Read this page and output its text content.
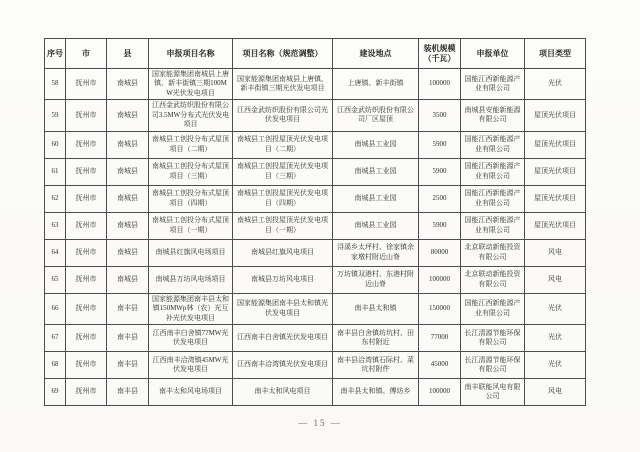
序号	市	县	申报项目名称	项目名称（规范调整）	建设地点	装机规模（千瓦）	申报单位	项目类型
58	抚州市	南城县	国家能源集团南城县上唐镇、新丰街镇三期100MW光伏发电项目	国家能源集团南城县上唐镇、新丰街镇三期光伏发电项目	上唐镇、新丰街镇	100000	国能江西新能源产业有限公司	光伏
59	抚州市	南城县	江西金武纺织股份有限公司3.5MW分布式光伏发电项目	江西金武纺织股份有限公司光伏发电项目	江西金武纺织股份有限公司厂区屋顶	3500	南城县安能新能源有限公司	屋顶光伏项目
60	抚州市	南城县	南城县工创投分布式屋顶项目（二期）	南城县工创投屋顶光伏发电项目（二期）	南城县工业园	5900	国能江西新能源产业有限公司	屋顶光伏项目
61	抚州市	南城县	南城县工创投分布式屋顶项目（三期）	南城县工创投屋顶光伏发电项目（三期）	南城县工业园	5900	国能江西新能源产业有限公司	屋顶光伏项目
62	抚州市	南城县	南城县工创投分布式屋顶项目（四期）	南城县工创投屋顶光伏发电项目（四期）	南城县工业园	2500	国能江西新能源产业有限公司	屋顶光伏项目
63	抚州市	南城县	南城县工创投分布式屋顶项目（一期）	南城县工创投屋顶光伏发电项目（一期）	南城县工业园	5900	国能江西新能源产业有限公司	屋顶光伏项目
64	抚州市	南城县	南城县红旗风电场项目	南城县红旗风电项目	浔溪乡太坪村、徐家镇余家墩村附近山脊	80000	北京联动新能投资有限公司	风电
65	抚州市	南城县	南城县万坊风电场项目	南城县万坊风电项目	万坊镇双港村、东港村附近山脊	100000	北京联动新能投资有限公司	风电
66	抚州市	南丰县	国家能源集团南丰县太和镇150MWp林（农）光互补光伏发电项目	国家能源集团南丰县太和镇光伏发电项目	南丰县太和镇	150000	国能江西新能源产业有限公司	光伏
67	抚州市	南丰县	江西南丰白舍镇77MW光伏发电项目	江西南丰白舍镇光伏发电项目	南丰县白舍镇坊坑村、田东村附近	77000	长江清源节能环保有限公司	光伏
68	抚州市	南丰县	江西南丰洽湾镇45MW光伏发电项目	江西南丰洽湾镇光伏发电项目	南丰县洽湾镇石际村、菜坑村附件	45000	长江清源节能环保有限公司	光伏
69	抚州市	南丰县	南丰太和风电场项目	南丰太和风电项目	南丰县太和镇、傅坊乡	100000	南丰联能风电有限公司	风电
— 15 —
